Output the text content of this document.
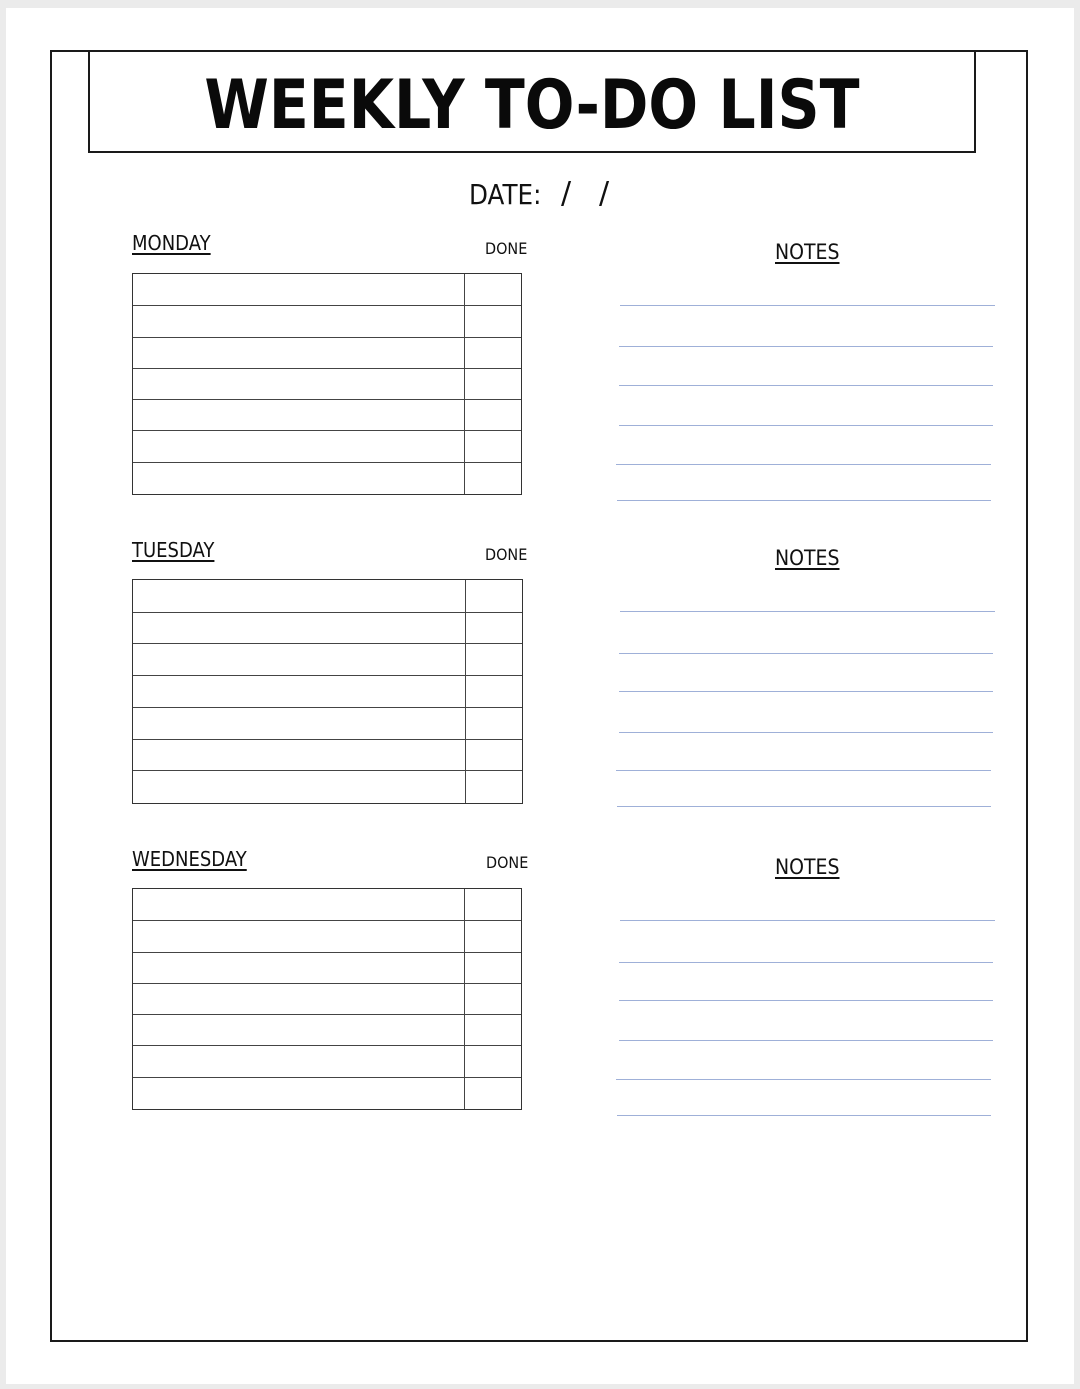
WEEKLY TO-DO LIST
DATE: / /
MONDAY	DONE	NOTES
TUESDAY	DONE	NOTES
WEDNESDAY	DONE	NOTES
